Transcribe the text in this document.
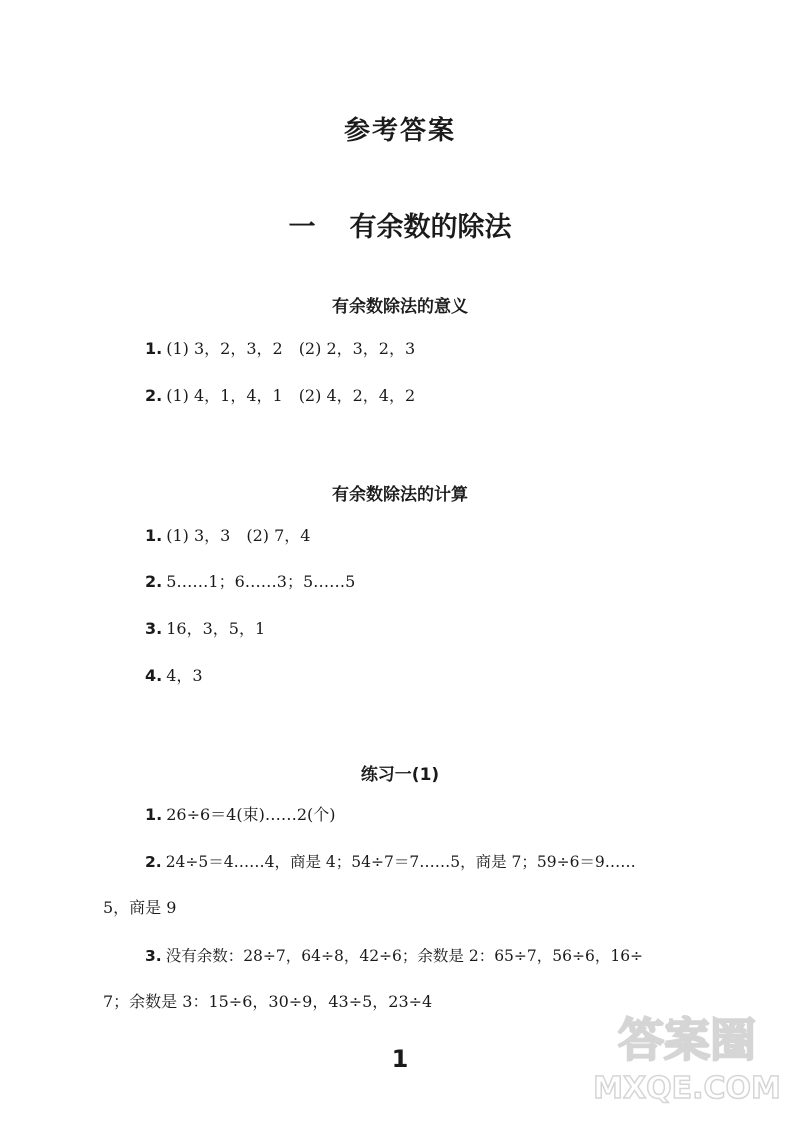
参考答案
一 有余数的除法
有余数除法的意义
1. (1) 3，2，3，2　(2) 2，3，2，3
2. (1) 4，1，4，1　(2) 4，2，4，2
有余数除法的计算
1. (1) 3，3　(2) 7，4
2. 5……1；6……3；5……5
3. 16，3，5，1
4. 4，3
练习一(1)
1. 26÷6＝4(束)……2(个)
2. 24÷5＝4……4，商是 4；54÷7＝7……5，商是 7；59÷6＝9……
5，商是 9
3. 没有余数：28÷7，64÷8，42÷6；余数是 2：65÷7，56÷6，16÷
7；余数是 3：15÷6，30÷9，43÷5，23÷4
1	答案圈
MXQE.COM
